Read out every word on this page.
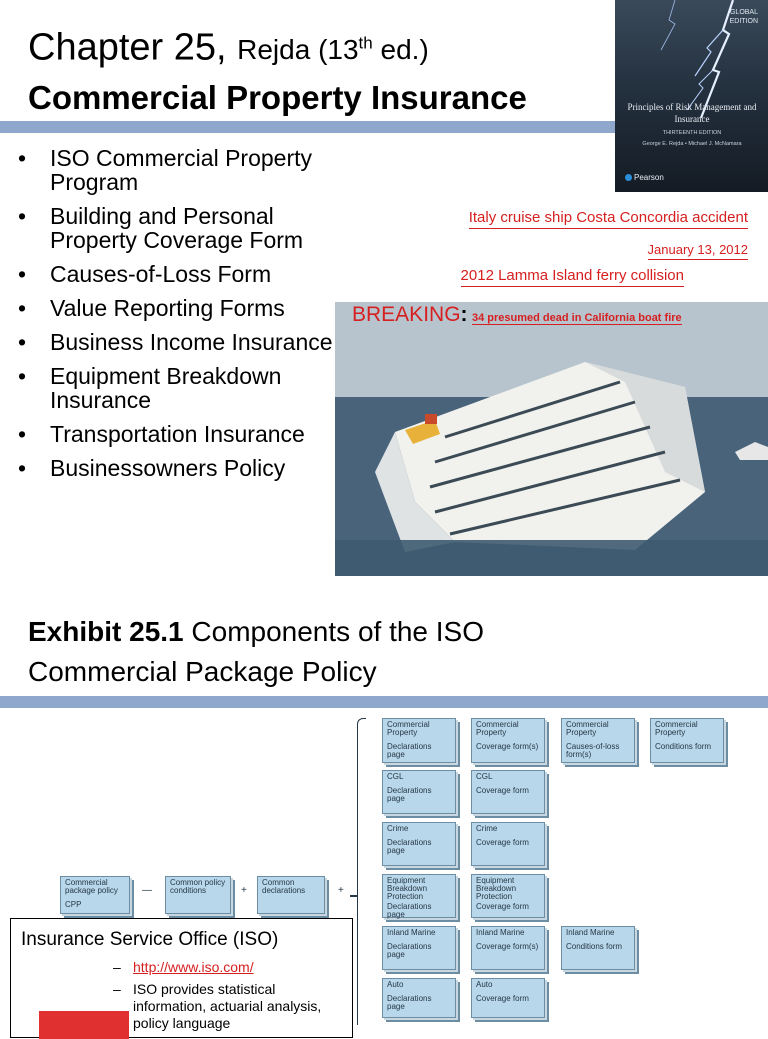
Chapter 25, Rejda (13th ed.)
Commercial Property Insurance
• ISO Commercial Property Program
• Building and Personal Property Coverage Form
• Causes-of-Loss Form
• Value Reporting Forms
• Business Income Insurance
• Equipment Breakdown Insurance
• Transportation Insurance
• Businessowners Policy
GLOBAL
EDITION
Principles of Risk Management and Insurance
THIRTEENTH EDITION
George E. Rejda • Michael J. McNamara
Pearson
Italy cruise ship Costa Concordia accident
January 13, 2012
2012 Lamma Island ferry collision
BREAKING: 34 presumed dead in California boat fire
Exhibit 25.1 Components of the ISO Commercial Package Policy
Commercial package policy
CPP
—
Common policy conditions	+
Common declarations	+
Commercial Property
Declarations page
Commercial Property
Coverage form(s)
Commercial Property
Causes-of-loss form(s)
Commercial Property
Conditions form
CGL
Declarations page
CGL
Coverage form
Crime
Declarations page
Crime
Coverage form
Equipment Breakdown Protection
Declarations page
Equipment Breakdown Protection
Coverage form
Inland Marine
Declarations page
Inland Marine
Coverage form(s)
Inland Marine
Conditions form
Auto
Declarations page
Auto
Coverage form
Insurance Service Office (ISO)
– http://www.iso.com/
– ISO provides statistical information, actuarial analysis, policy language
